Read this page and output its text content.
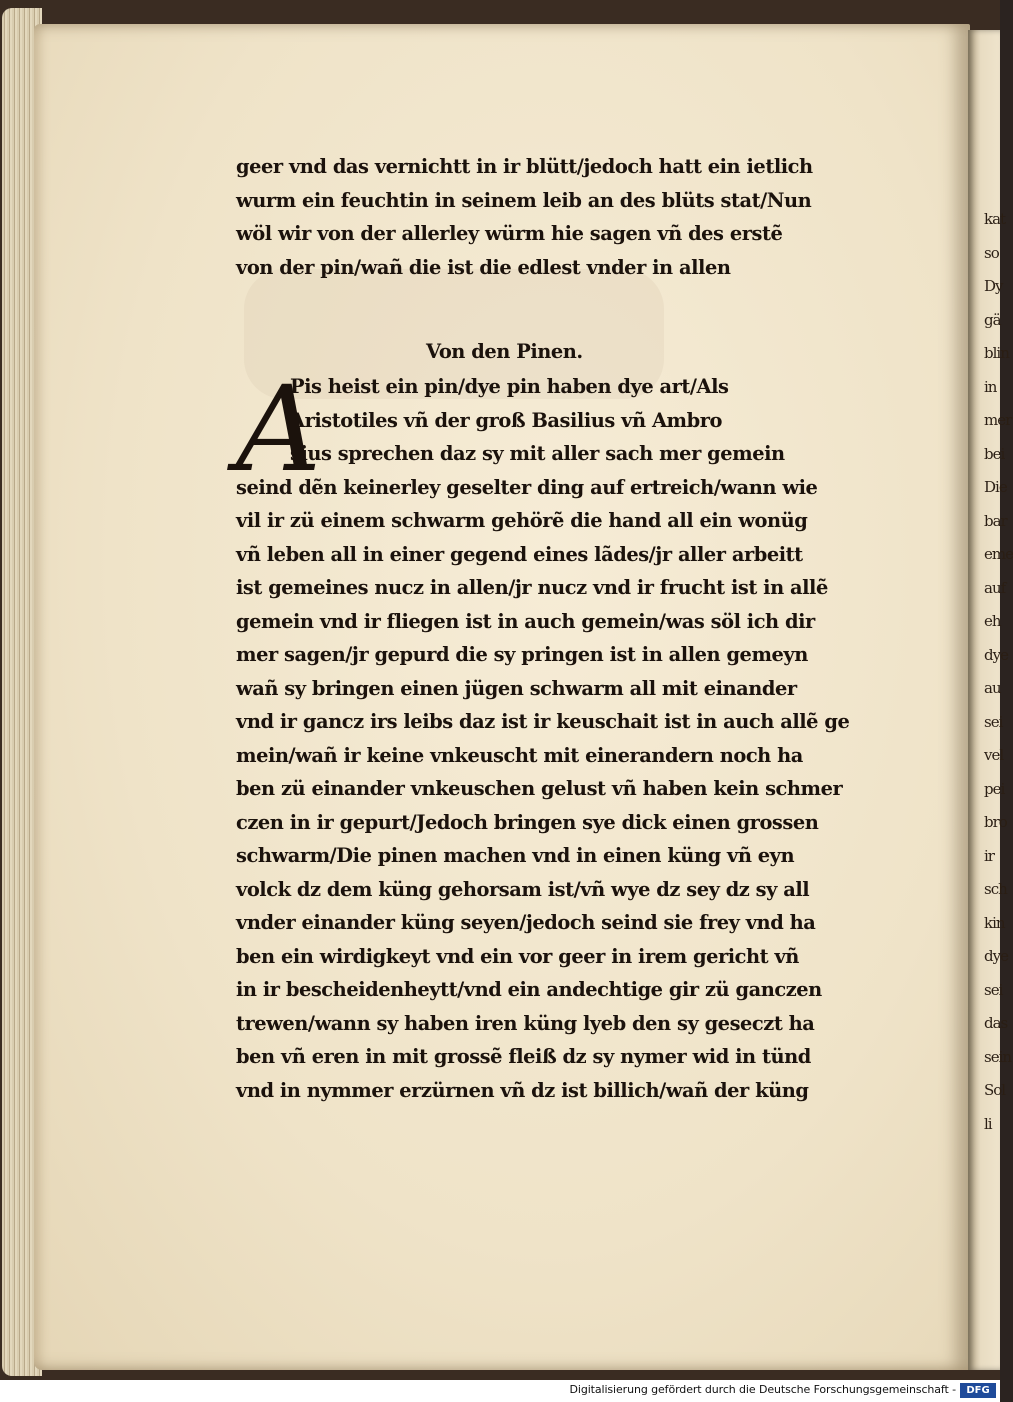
kat
so
Dy
gä
blin
in
mer
bei
Die
bar
eme
auf
eh
dye
au
sei
vel
pei
bro
ir
sch
kin
dye
sei
das
sein
Sol
li
geer vnd das vernichtt in ir blütt/jedoch hatt ein ietlich
wurm ein feuchtin in seinem leib an des blüts stat/Nun
wöl wir von der allerley würm hie sagen vñ des erstẽ
von der pin/wañ die ist die edlest vnder in allen
Von den Pinen.
A
Pis heist ein pin/dye pin haben dye art/Als
Aristotiles vñ der groß Basilius vñ Ambro
sius sprechen daz sy mit aller sach mer gemein
seind dẽn keinerley geselter ding auf ertreich/wann wie
vil ir zü einem schwarm gehörẽ die hand all ein wonüg
vñ leben all in einer gegend eines lãdes/jr aller arbeitt
ist gemeines nucz in allen/jr nucz vnd ir frucht ist in allẽ
gemein vnd ir fliegen ist in auch gemein/was söl ich dir
mer sagen/jr gepurd die sy pringen ist in allen gemeyn
wañ sy bringen einen jügen schwarm all mit einander
vnd ir gancz irs leibs daz ist ir keuschait ist in auch allẽ ge
mein/wañ ir keine vnkeuscht mit einerandern noch ha
ben zü einander vnkeuschen gelust vñ haben kein schmer
czen in ir gepurt/Jedoch bringen sye dick einen grossen
schwarm/Die pinen machen vnd in einen küng vñ eyn
volck dz dem küng gehorsam ist/vñ wye dz sey dz sy all
vnder einander küng seyen/jedoch seind sie frey vnd ha
ben ein wirdigkeyt vnd ein vor geer in irem gericht vñ
in ir bescheidenheytt/vnd ein andechtige gir zü ganczen
trewen/wann sy haben iren küng lyeb den sy geseczt ha
ben vñ eren in mit grossẽ fleiß dz sy nymer wid in tünd
vnd in nymmer erzürnen vñ dz ist billich/wañ der küng
Digitalisierung gefördert durch die Deutsche Forschungsgemeinschaft -	DFG
